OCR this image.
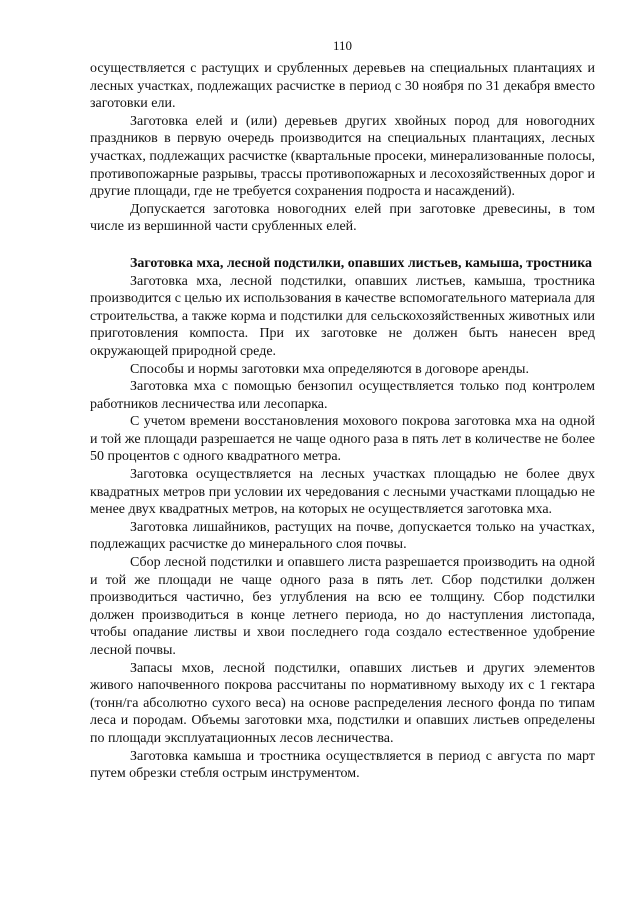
110

осуществляется с растущих и срубленных деревьев на специальных плантациях и лесных участках, подлежащих расчистке в период с 30 ноября по 31 декабря вместо заготовки ели.

Заготовка елей и (или) деревьев других хвойных пород для новогодних праздников в первую очередь производится на специальных плантациях, лесных участках, подлежащих расчистке (квартальные просеки, минерализованные полосы, противопожарные разрывы, трассы противопожарных и лесохозяйственных дорог и другие площади, где не требуется сохранения подроста и насаждений).

Допускается заготовка новогодних елей при заготовке древесины, в том числе из вершинной части срубленных елей.

Заготовка мха, лесной подстилки, опавших листьев, камыша, тростника

Заготовка мха, лесной подстилки, опавших листьев, камыша, тростника производится с целью их использования в качестве вспомогательного материала для строительства, а также корма и подстилки для сельскохозяйственных животных или приготовления компоста. При их заготовке не должен быть нанесен вред окружающей природной среде.

Способы и нормы заготовки мха определяются в договоре аренды.

Заготовка мха с помощью бензопил осуществляется только под контролем работников лесничества или лесопарка.

С учетом времени восстановления мохового покрова заготовка мха на одной и той же площади разрешается не чаще одного раза в пять лет в количестве не более 50 процентов с одного квадратного метра.

Заготовка осуществляется на лесных участках площадью не более двух квадратных метров при условии их чередования с лесными участками площадью не менее двух квадратных метров, на которых не осуществляется заготовка мха.

Заготовка лишайников, растущих на почве, допускается только на участках, подлежащих расчистке до минерального слоя почвы.

Сбор лесной подстилки и опавшего листа разрешается производить на одной и той же площади не чаще одного раза в пять лет. Сбор подстилки должен производиться частично, без углубления на всю ее толщину. Сбор подстилки должен производиться в конце летнего периода, но до наступления листопада, чтобы опадание листвы и хвои последнего года создало естественное удобрение лесной почвы.

Запасы мхов, лесной подстилки, опавших листьев и других элементов живого напочвенного покрова рассчитаны по нормативному выходу их с 1 гектара (тонн/га абсолютно сухого веса) на основе распределения лесного фонда по типам леса и породам. Объемы заготовки мха, подстилки и опавших листьев определены по площади эксплуатационных лесов лесничества.

Заготовка камыша и тростника осуществляется в период с августа по март путем обрезки стебля острым инструментом.
